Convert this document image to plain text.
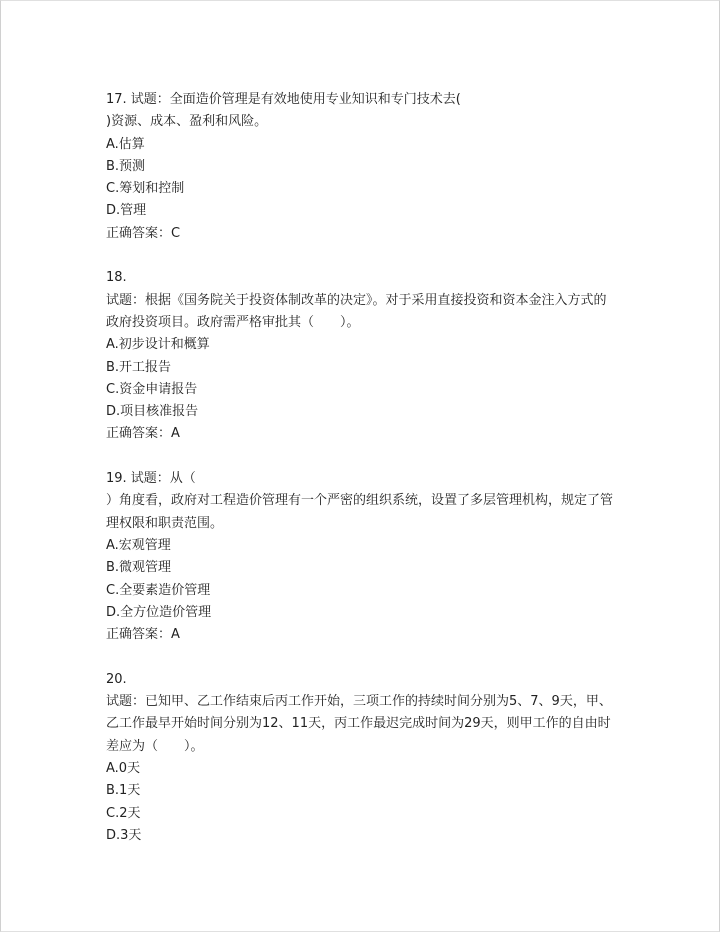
17. 试题：全面造价管理是有效地使用专业知识和专门技术去(
)资源、成本、盈利和风险。
A.估算
B.预测
C.筹划和控制
D.管理
正确答案：C
18.
试题：根据《国务院关于投资体制改革的决定》。对于采用直接投资和资本金注入方式的
政府投资项目。政府需严格审批其（　　）。
A.初步设计和概算
B.开工报告
C.资金申请报告
D.项目核准报告
正确答案：A
19. 试题：从（
）角度看，政府对工程造价管理有一个严密的组织系统，设置了多层管理机构，规定了管
理权限和职责范围。
A.宏观管理
B.微观管理
C.全要素造价管理
D.全方位造价管理
正确答案：A
20.
试题：已知甲、乙工作结束后丙工作开始，三项工作的持续时间分别为5、7、9天，甲、
乙工作最早开始时间分别为12、11天，丙工作最迟完成时间为29天，则甲工作的自由时
差应为（　　）。
A.0天
B.1天
C.2天
D.3天
